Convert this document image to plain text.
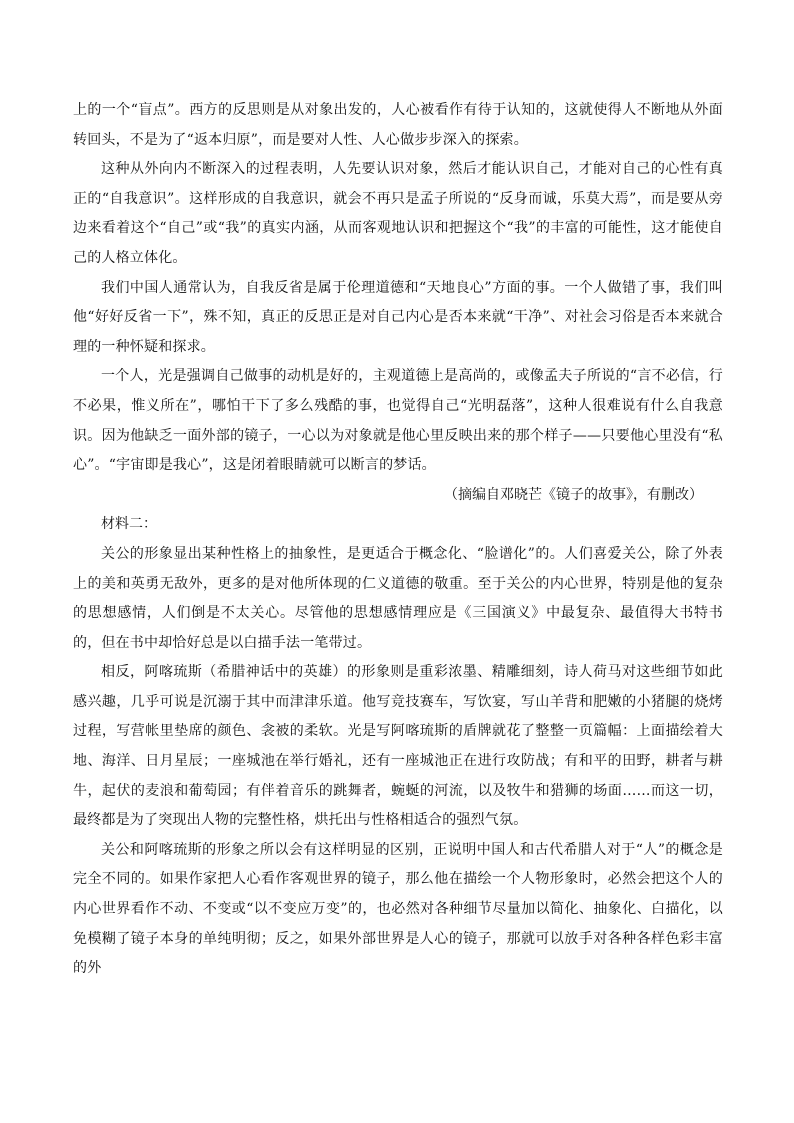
上的一个“盲点”。西方的反思则是从对象出发的，人心被看作有待于认知的，这就使得人不断地从外面转回头，不是为了“返本归原”，而是要对人性、人心做步步深入的探索。

这种从外向内不断深入的过程表明，人先要认识对象，然后才能认识自己，才能对自己的心性有真正的“自我意识”。这样形成的自我意识，就会不再只是孟子所说的“反身而诚，乐莫大焉”，而是要从旁边来看着这个“自己”或“我”的真实内涵，从而客观地认识和把握这个“我”的丰富的可能性，这才能使自己的人格立体化。

我们中国人通常认为，自我反省是属于伦理道德和“天地良心”方面的事。一个人做错了事，我们叫他“好好反省一下”，殊不知，真正的反思正是对自己内心是否本来就“干净”、对社会习俗是否本来就合理的一种怀疑和探求。

一个人，光是强调自己做事的动机是好的，主观道德上是高尚的，或像孟夫子所说的“言不必信，行不必果，惟义所在”，哪怕干下了多么残酷的事，也觉得自己“光明磊落”，这种人很难说有什么自我意识。因为他缺乏一面外部的镜子，一心以为对象就是他心里反映出来的那个样子——只要他心里没有“私心”。“宇宙即是我心”，这是闭着眼睛就可以断言的梦话。

（摘编自邓晓芒《镜子的故事》，有删改）

材料二：

关公的形象显出某种性格上的抽象性，是更适合于概念化、“脸谱化”的。人们喜爱关公，除了外表上的美和英勇无敌外，更多的是对他所体现的仁义道德的敬重。至于关公的内心世界，特别是他的复杂的思想感情，人们倒是不太关心。尽管他的思想感情理应是《三国演义》中最复杂、最值得大书特书的，但在书中却恰好总是以白描手法一笔带过。

相反，阿喀琉斯（希腊神话中的英雄）的形象则是重彩浓墨、精雕细刻，诗人荷马对这些细节如此感兴趣，几乎可说是沉溺于其中而津津乐道。他写竞技赛车，写饮宴，写山羊背和肥嫩的小猪腿的烧烤过程，写营帐里垫席的颜色、衾被的柔软。光是写阿喀琉斯的盾牌就花了整整一页篇幅：上面描绘着大地、海洋、日月星辰；一座城池在举行婚礼，还有一座城池正在进行攻防战；有和平的田野，耕者与耕牛，起伏的麦浪和葡萄园；有伴着音乐的跳舞者，蜿蜒的河流，以及牧牛和猎狮的场面……而这一切，最终都是为了突现出人物的完整性格，烘托出与性格相适合的强烈气氛。

关公和阿喀琉斯的形象之所以会有这样明显的区别，正说明中国人和古代希腊人对于“人”的概念是完全不同的。如果作家把人心看作客观世界的镜子，那么他在描绘一个人物形象时，必然会把这个人的内心世界看作不动、不变或“以不变应万变”的，也必然对各种细节尽量加以简化、抽象化、白描化，以免模糊了镜子本身的单纯明彻；反之，如果外部世界是人心的镜子，那就可以放手对各种各样色彩丰富的外
